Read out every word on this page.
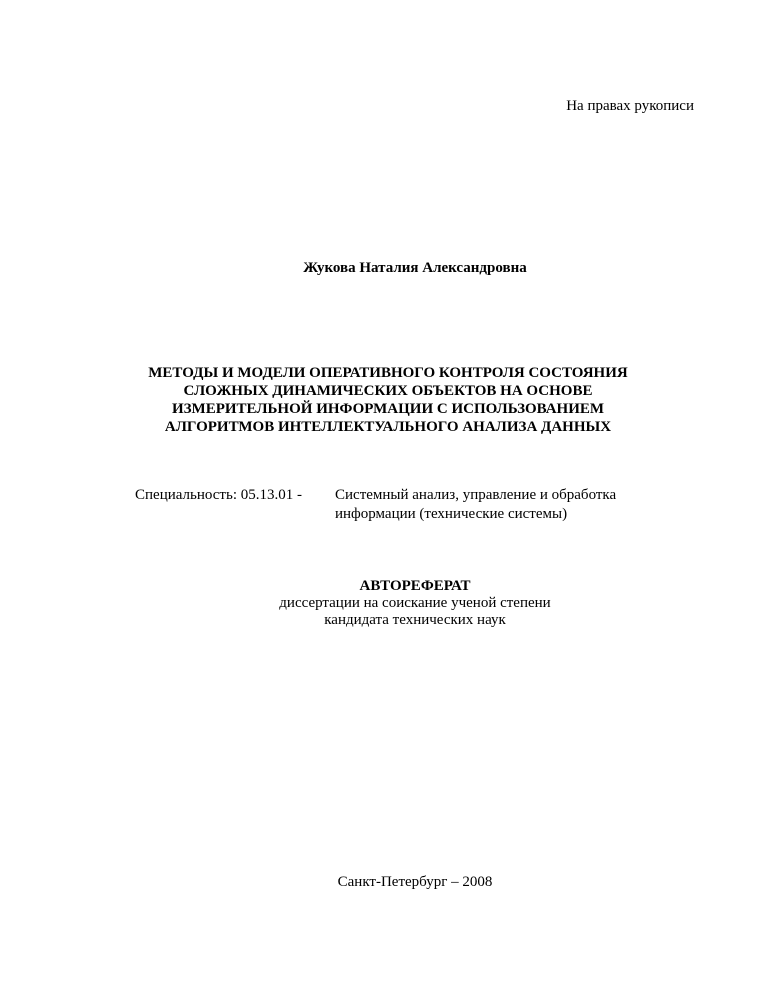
На правах рукописи
Жукова Наталия Александровна
МЕТОДЫ И МОДЕЛИ ОПЕРАТИВНОГО КОНТРОЛЯ СОСТОЯНИЯ
СЛОЖНЫХ ДИНАМИЧЕСКИХ ОБЪЕКТОВ НА ОСНОВЕ
ИЗМЕРИТЕЛЬНОЙ ИНФОРМАЦИИ С ИСПОЛЬЗОВАНИЕМ
АЛГОРИТМОВ ИНТЕЛЛЕКТУАЛЬНОГО АНАЛИЗА ДАННЫХ
Специальность: 05.13.01 - Системный анализ, управление и обработка
информации (технические системы)
АВТОРЕФЕРАТ
диссертации на соискание ученой степени
кандидата технических наук
Санкт-Петербург – 2008
